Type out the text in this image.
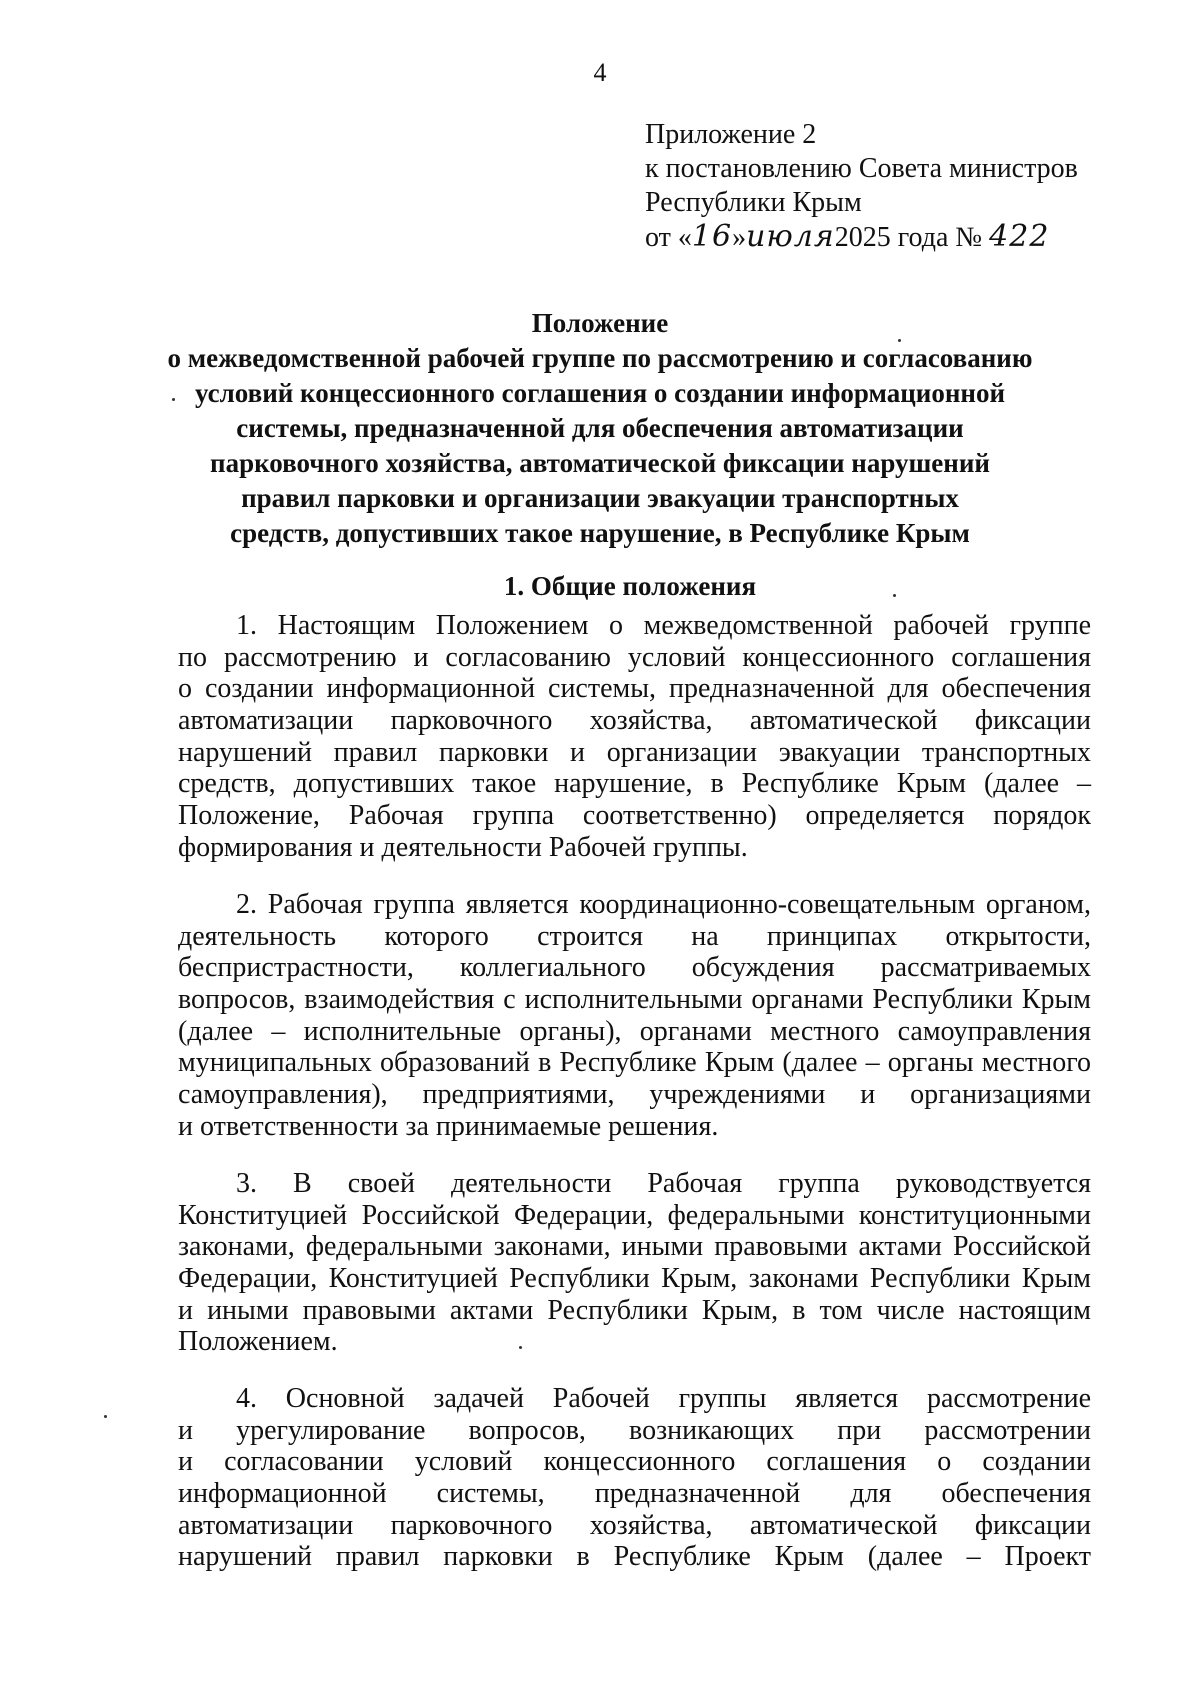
4
Приложение 2
к постановлению Совета министров
Республики Крым
от «16»июля2025 года № 422
Положение
о межведомственной рабочей группе по рассмотрению и согласованию
условий концессионного соглашения о создании информационной
системы, предназначенной для обеспечения автоматизации
парковочного хозяйства, автоматической фиксации нарушений
правил парковки и организации эвакуации транспортных
средств, допустивших такое нарушение, в Республике Крым
1. Общие положения
1. Настоящим Положением о межведомственной рабочей группе
по рассмотрению и согласованию условий концессионного соглашения
о создании информационной системы, предназначенной для обеспечения
автоматизации парковочного хозяйства, автоматической фиксации
нарушений правил парковки и организации эвакуации транспортных
средств, допустивших такое нарушение, в Республике Крым (далее –
Положение, Рабочая группа соответственно) определяется порядок
формирования и деятельности Рабочей группы.
2. Рабочая группа является координационно-совещательным органом,
деятельность которого строится на принципах открытости,
беспристрастности, коллегиального обсуждения рассматриваемых
вопросов, взаимодействия с исполнительными органами Республики Крым
(далее – исполнительные органы), органами местного самоуправления
муниципальных образований в Республике Крым (далее – органы местного
самоуправления), предприятиями, учреждениями и организациями
и ответственности за принимаемые решения.
3. В своей деятельности Рабочая группа руководствуется
Конституцией Российской Федерации, федеральными конституционными
законами, федеральными законами, иными правовыми актами Российской
Федерации, Конституцией Республики Крым, законами Республики Крым
и иными правовыми актами Республики Крым, в том числе настоящим
Положением.
4. Основной задачей Рабочей группы является рассмотрение
и урегулирование вопросов, возникающих при рассмотрении
и согласовании условий концессионного соглашения о создании
информационной системы, предназначенной для обеспечения
автоматизации парковочного хозяйства, автоматической фиксации
нарушений правил парковки в Республике Крым (далее – Проект
